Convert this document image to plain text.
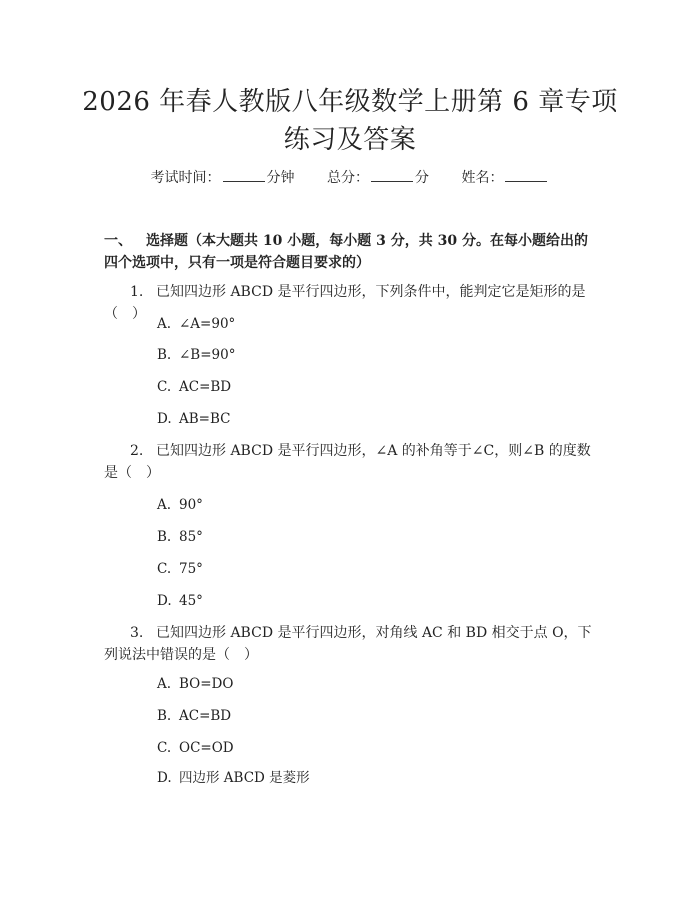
2026 年春人教版八年级数学上册第 6 章专项
练习及答案
考试时间：	分钟 总分：	分 姓名：
一、 选择题（本大题共 10 小题，每小题 3 分，共 30 分。在每小题给出的四个选项中，只有一项是符合题目要求的）
1. 已知四边形 ABCD 是平行四边形，下列条件中，能判定它是矩形的是（　）
A. ∠A=90°
B. ∠B=90°
C. AC=BD
D. AB=BC
2. 已知四边形 ABCD 是平行四边形，∠A 的补角等于∠C，则∠B 的度数是（　）
A. 90°
B. 85°
C. 75°
D. 45°
3. 已知四边形 ABCD 是平行四边形，对角线 AC 和 BD 相交于点 O，下列说法中错误的是（　）
A. BO=DO
B. AC=BD
C. OC=OD
D. 四边形 ABCD 是菱形
